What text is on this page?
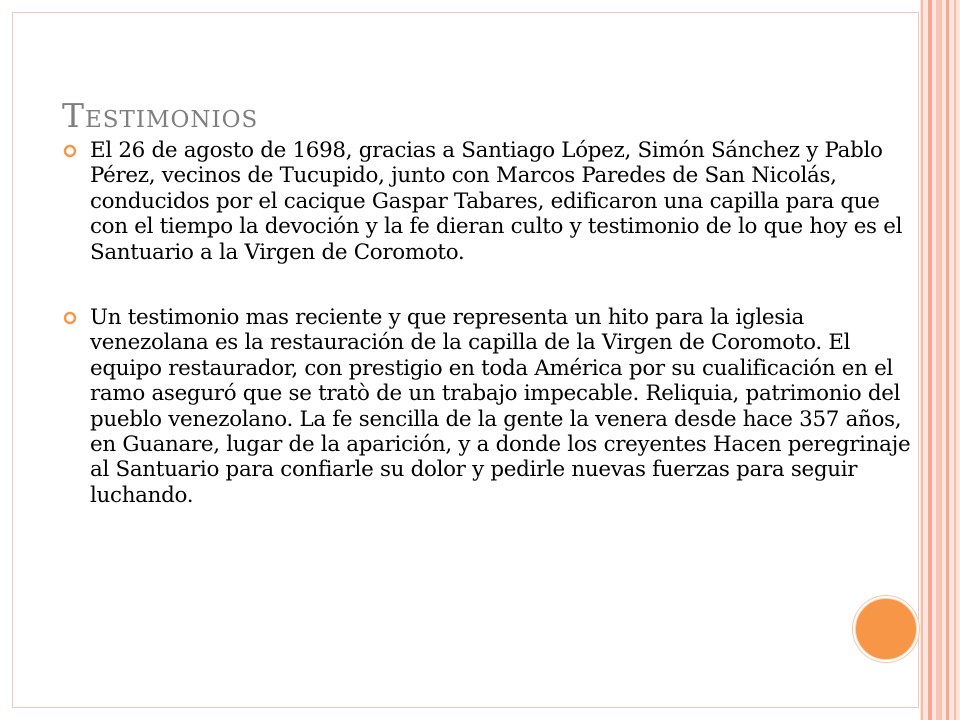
Testimonios
El 26 de agosto de 1698, gracias a Santiago López, Simón Sánchez y Pablo Pérez, vecinos de Tucupido, junto con Marcos Paredes de San Nicolás, conducidos por el cacique Gaspar Tabares, edificaron una capilla para que con el tiempo la devoción y la fe dieran culto y testimonio de lo que hoy es el Santuario a la Virgen de Coromoto.
Un testimonio mas reciente y que representa un hito para la iglesia venezolana es la restauración de la capilla de la Virgen de Coromoto. El equipo restaurador, con prestigio en toda América por su cualificación en el ramo aseguró que se tratò de un trabajo impecable. Reliquia, patrimonio del pueblo venezolano. La fe sencilla de la gente la venera desde hace 357 años, en Guanare, lugar de la aparición, y a donde los creyentes Hacen peregrinaje al Santuario para confiarle su dolor y pedirle nuevas fuerzas para seguir luchando.
